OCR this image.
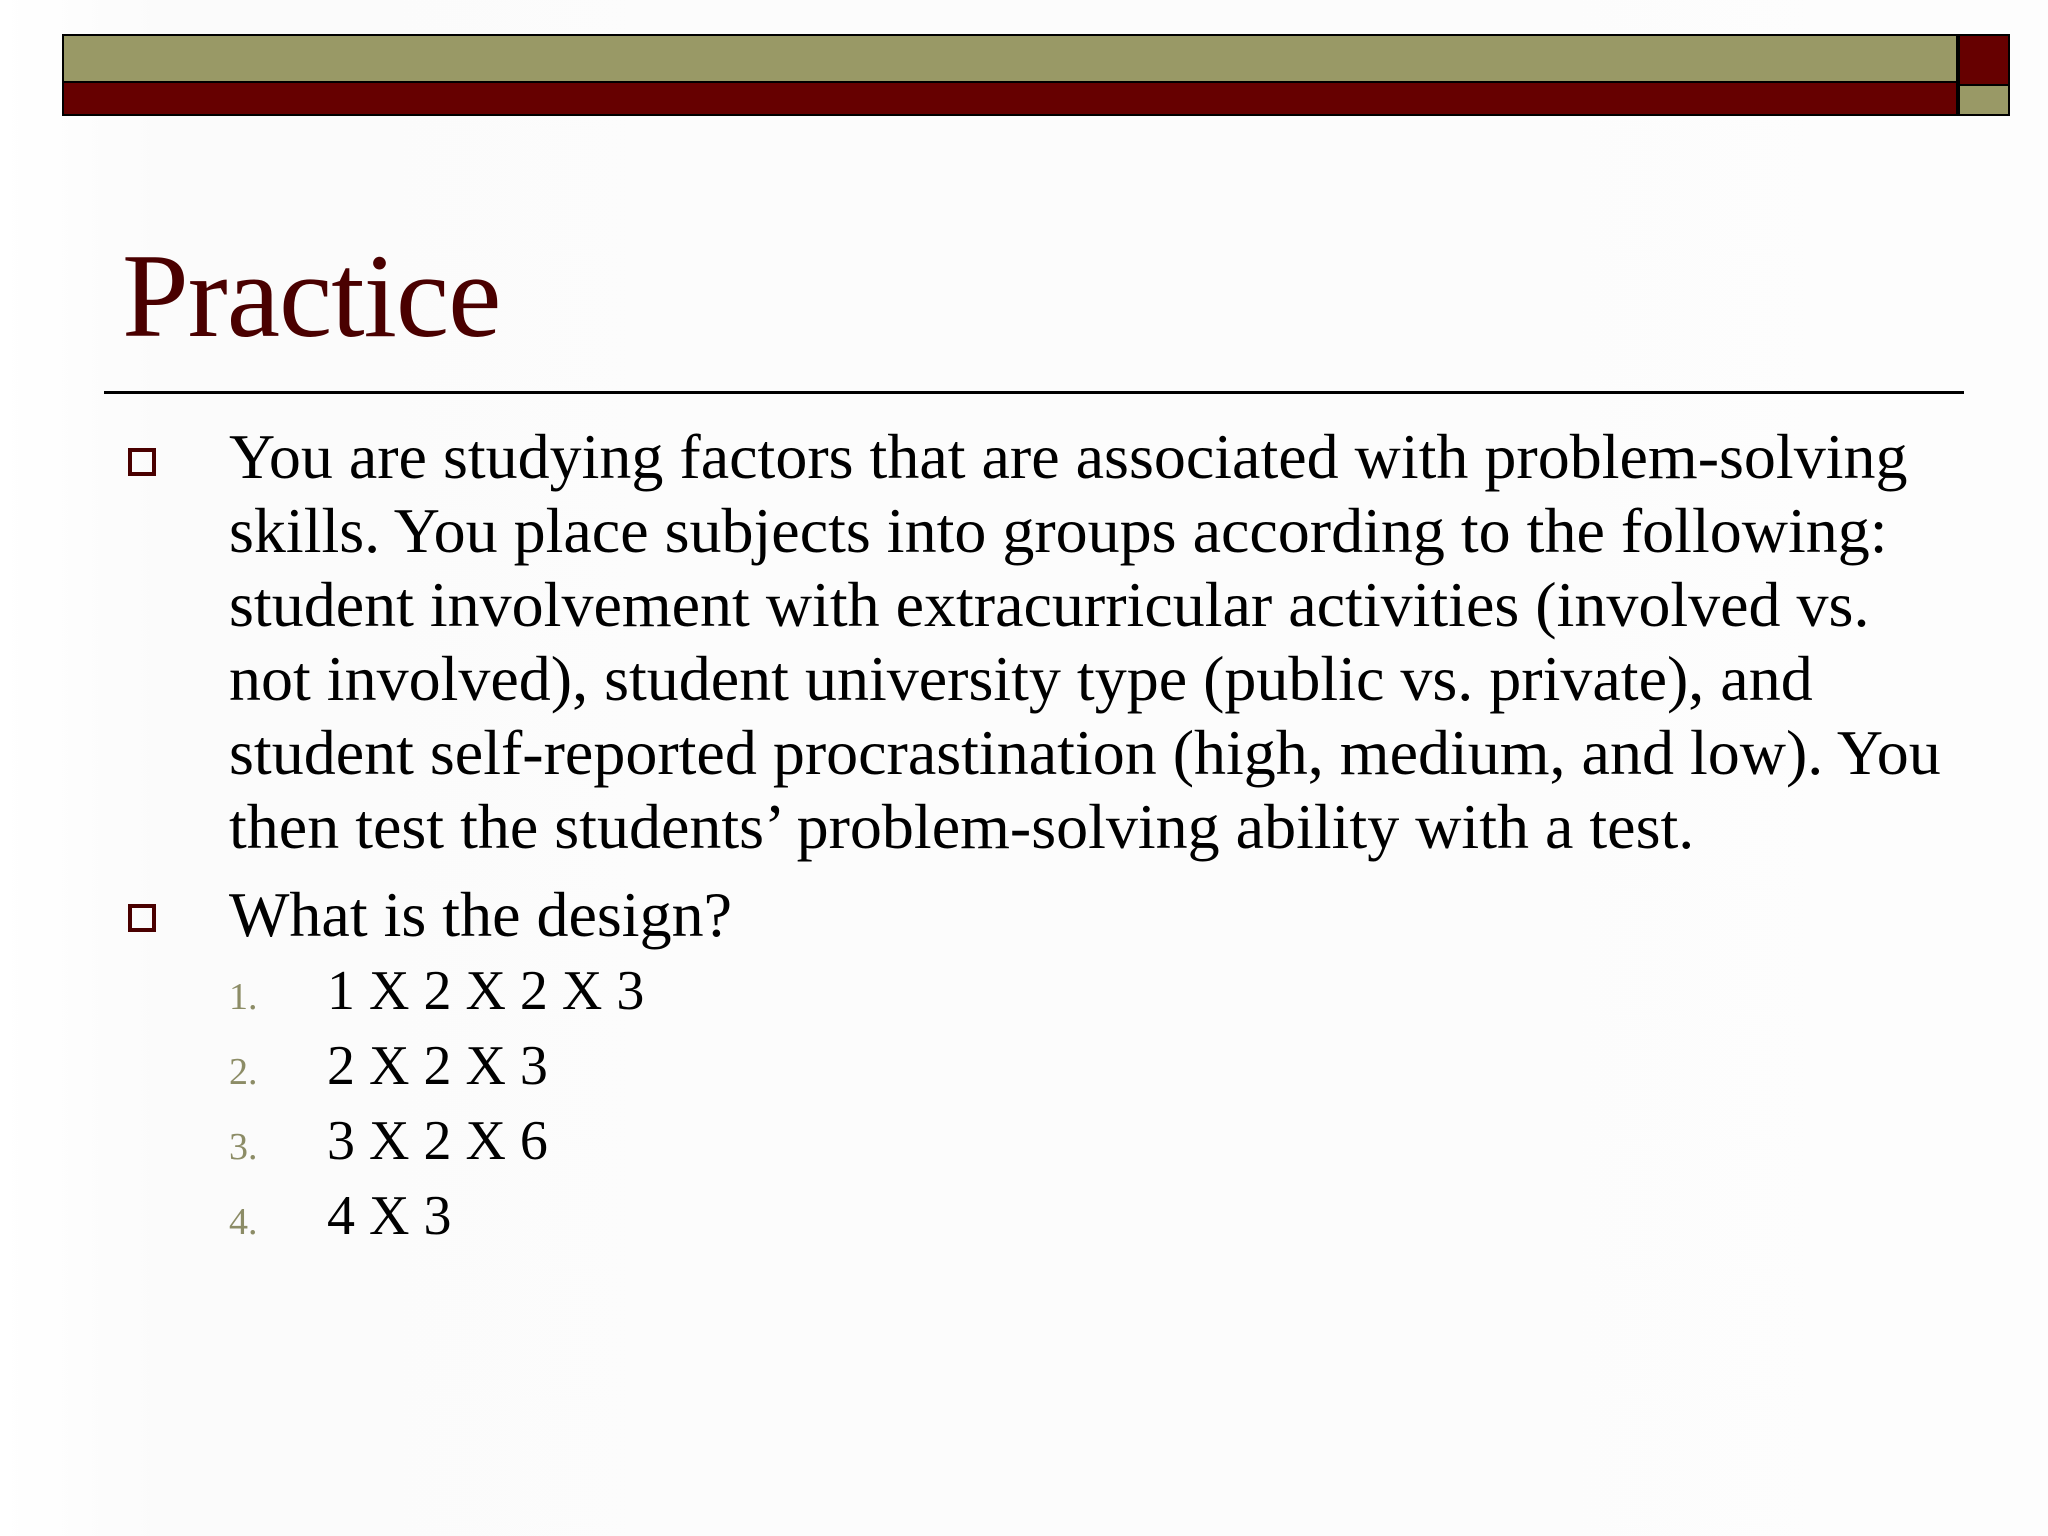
Practice
You are studying factors that are associated with problem-solving skills. You place subjects into groups according to the following: student involvement with extracurricular activities (involved vs. not involved), student university type (public vs. private), and student self-reported procrastination (high, medium, and low). You then test the students’ problem-solving ability with a test.
What is the design?
1. 1 X 2 X 2 X 3
2. 2 X 2 X 3
3. 3 X 2 X 6
4. 4 X 3
